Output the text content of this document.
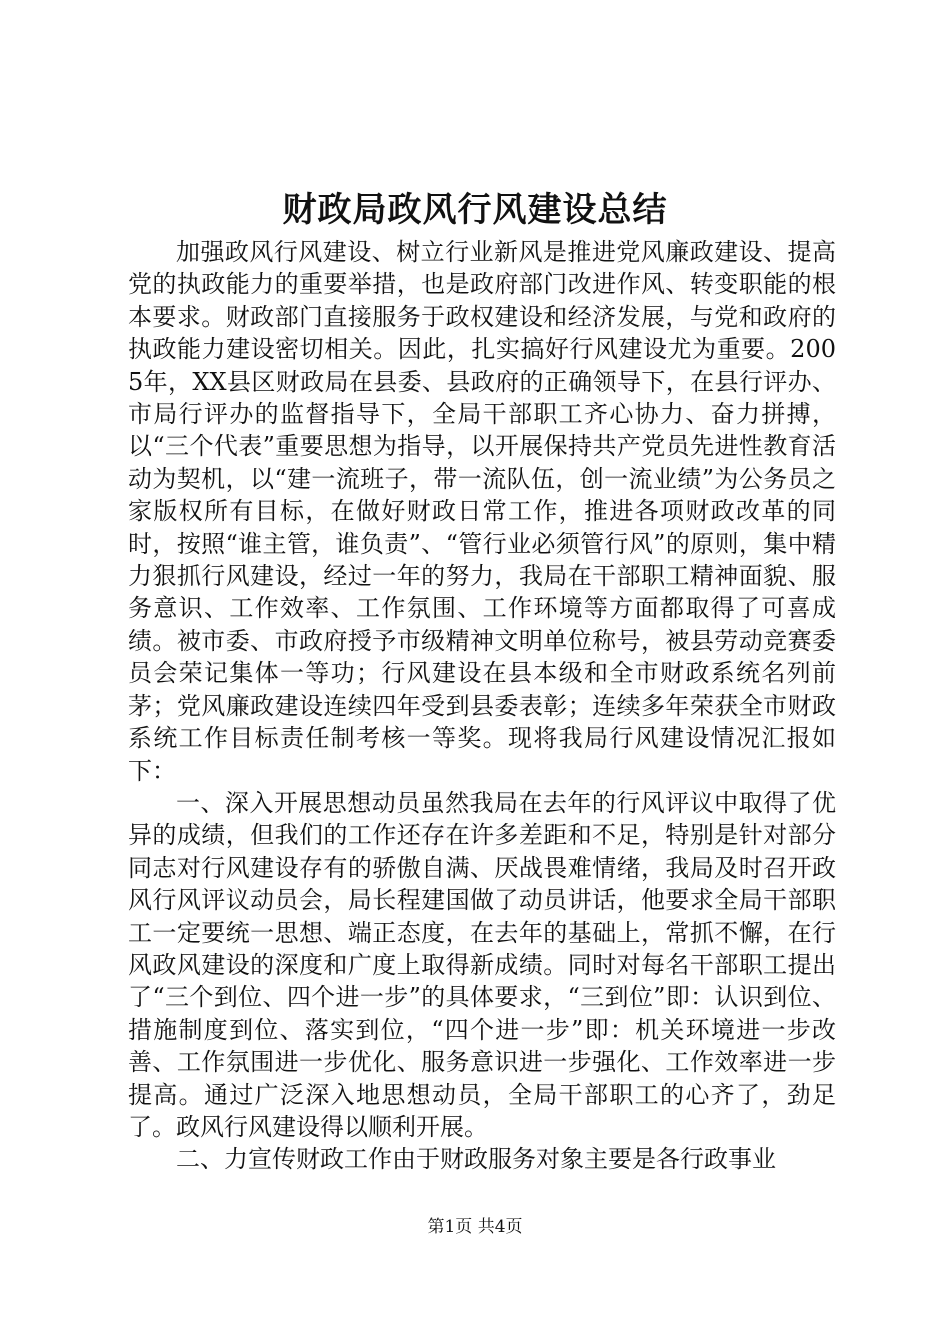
财政局政风行风建设总结

加强政风行风建设、树立行业新风是推进党风廉政建设、提高党的执政能力的重要举措，也是政府部门改进作风、转变职能的根本要求。财政部门直接服务于政权建设和经济发展，与党和政府的执政能力建设密切相关。因此，扎实搞好行风建设尤为重要。2005年，XX县区财政局在县委、县政府的正确领导下，在县行评办、市局行评办的监督指导下，全局干部职工齐心协力、奋力拼搏，以“三个代表”重要思想为指导，以开展保持共产党员先进性教育活动为契机，以“建一流班子，带一流队伍，创一流业绩”为公务员之家版权所有目标，在做好财政日常工作，推进各项财政改革的同时，按照“谁主管，谁负责”、“管行业必须管行风”的原则，集中精力狠抓行风建设，经过一年的努力，我局在干部职工精神面貌、服务意识、工作效率、工作氛围、工作环境等方面都取得了可喜成绩。被市委、市政府授予市级精神文明单位称号，被县劳动竞赛委员会荣记集体一等功；行风建设在县本级和全市财政系统名列前茅；党风廉政建设连续四年受到县委表彰；连续多年荣获全市财政系统工作目标责任制考核一等奖。现将我局行风建设情况汇报如下：

一、深入开展思想动员虽然我局在去年的行风评议中取得了优异的成绩，但我们的工作还存在许多差距和不足，特别是针对部分同志对行风建设存有的骄傲自满、厌战畏难情绪，我局及时召开政风行风评议动员会，局长程建国做了动员讲话，他要求全局干部职工一定要统一思想、端正态度，在去年的基础上，常抓不懈，在行风政风建设的深度和广度上取得新成绩。同时对每名干部职工提出了“三个到位、四个进一步”的具体要求，“三到位”即：认识到位、措施制度到位、落实到位，“四个进一步”即：机关环境进一步改善、工作氛围进一步优化、服务意识进一步强化、工作效率进一步提高。通过广泛深入地思想动员，全局干部职工的心齐了，劲足了。政风行风建设得以顺利开展。

二、力宣传财政工作由于财政服务对象主要是各行政事业

第1页 共4页
